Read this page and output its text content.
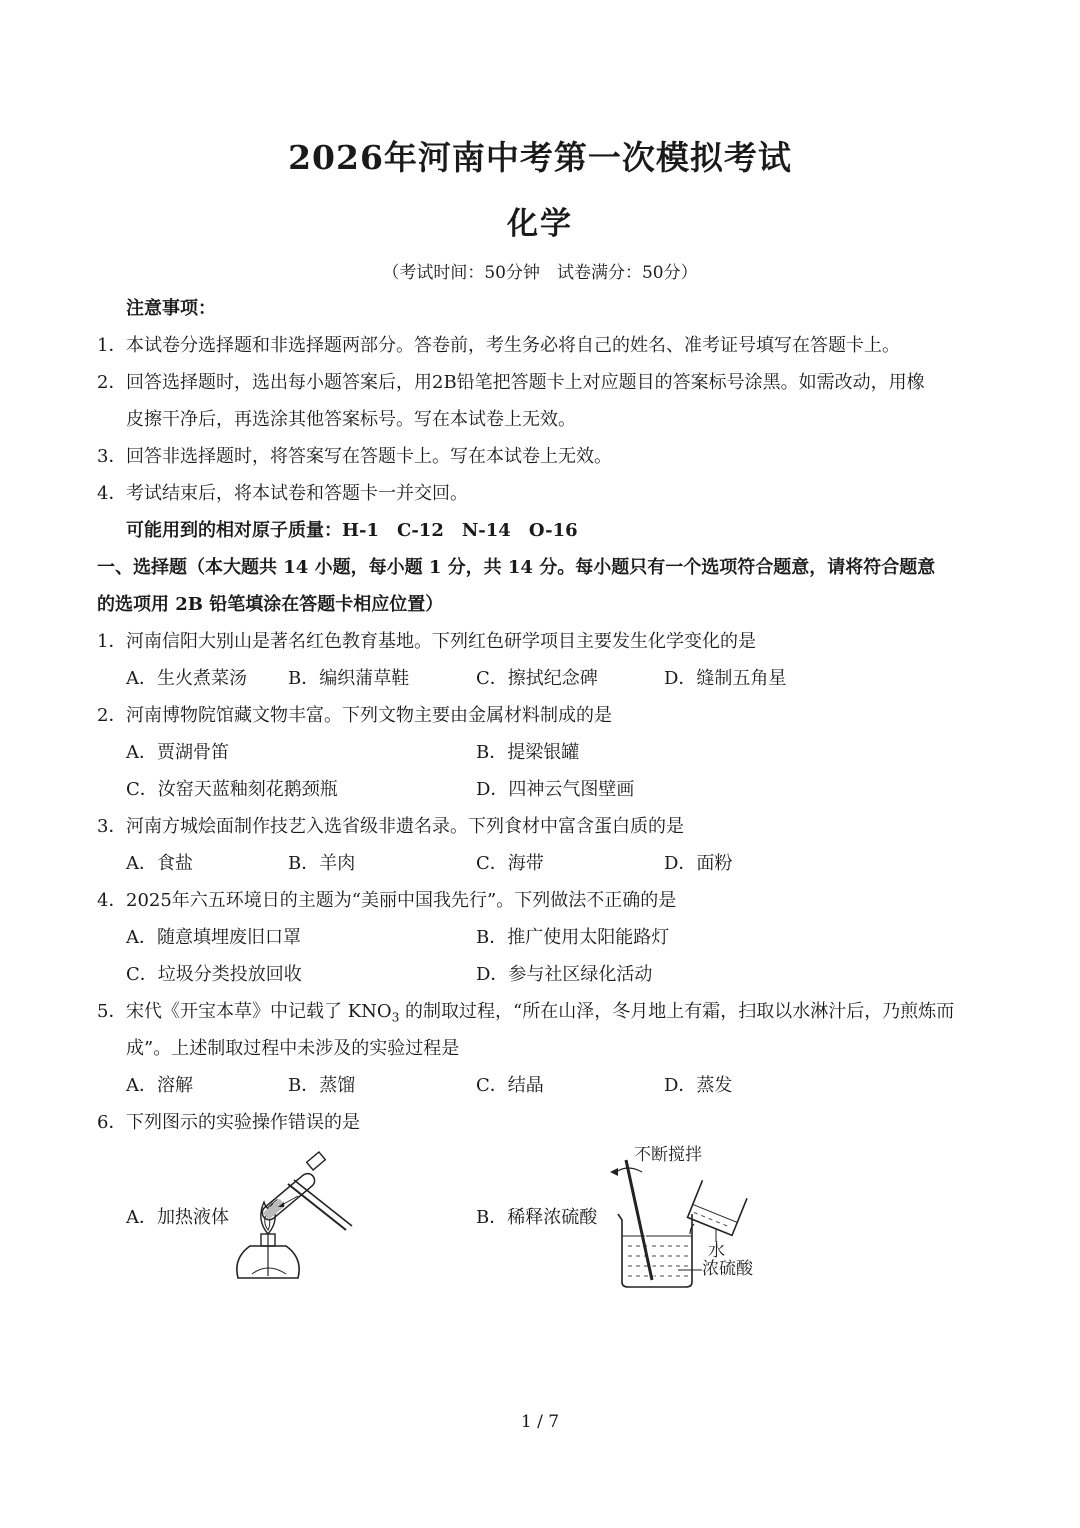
2026年河南中考第一次模拟考试
化学
（考试时间：50分钟　试卷满分：50分）
注意事项：
1． 本试卷分选择题和非选择题两部分。答卷前，考生务必将自己的姓名、准考证号填写在答题卡上。
2． 回答选择题时，选出每小题答案后，用2B铅笔把答题卡上对应题目的答案标号涂黑。如需改动，用橡
皮擦干净后，再选涂其他答案标号。写在本试卷上无效。
3． 回答非选择题时，将答案写在答题卡上。写在本试卷上无效。
4． 考试结束后，将本试卷和答题卡一并交回。
可能用到的相对原子质量：H-1　C-12　N-14　O-16
一、选择题（本大题共 14 小题，每小题 1 分，共 14 分。每小题只有一个选项符合题意，请将符合题意
的选项用 2B 铅笔填涂在答题卡相应位置）
1． 河南信阳大别山是著名红色教育基地。下列红色研学项目主要发生化学变化的是
A．生火煮菜汤 B．编织蒲草鞋	C．擦拭纪念碑	D．缝制五角星
2． 河南博物院馆藏文物丰富。下列文物主要由金属材料制成的是
A．贾湖骨笛	B．提梁银罐
C．汝窑天蓝釉刻花鹅颈瓶	D．四神云气图壁画
3． 河南方城烩面制作技艺入选省级非遗名录。下列食材中富含蛋白质的是
A．食盐	B．羊肉	C．海带	D．面粉
4． 2025年六五环境日的主题为“美丽中国我先行”。下列做法不正确的是
A．随意填埋废旧口罩	B．推广使用太阳能路灯
C．垃圾分类投放回收	D．参与社区绿化活动
5． 宋代《开宝本草》中记载了 $KNO_3$ 的制取过程，“所在山泽，冬月地上有霜，扫取以水淋汁后，乃煎炼而
成”。上述制取过程中未涉及的实验过程是
A．溶解	B．蒸馏	C．结晶	D．蒸发
6． 下列图示的实验操作错误的是
A．加热液体	B．稀释浓硫酸
不断搅拌
水
浓硫酸
1 / 7
